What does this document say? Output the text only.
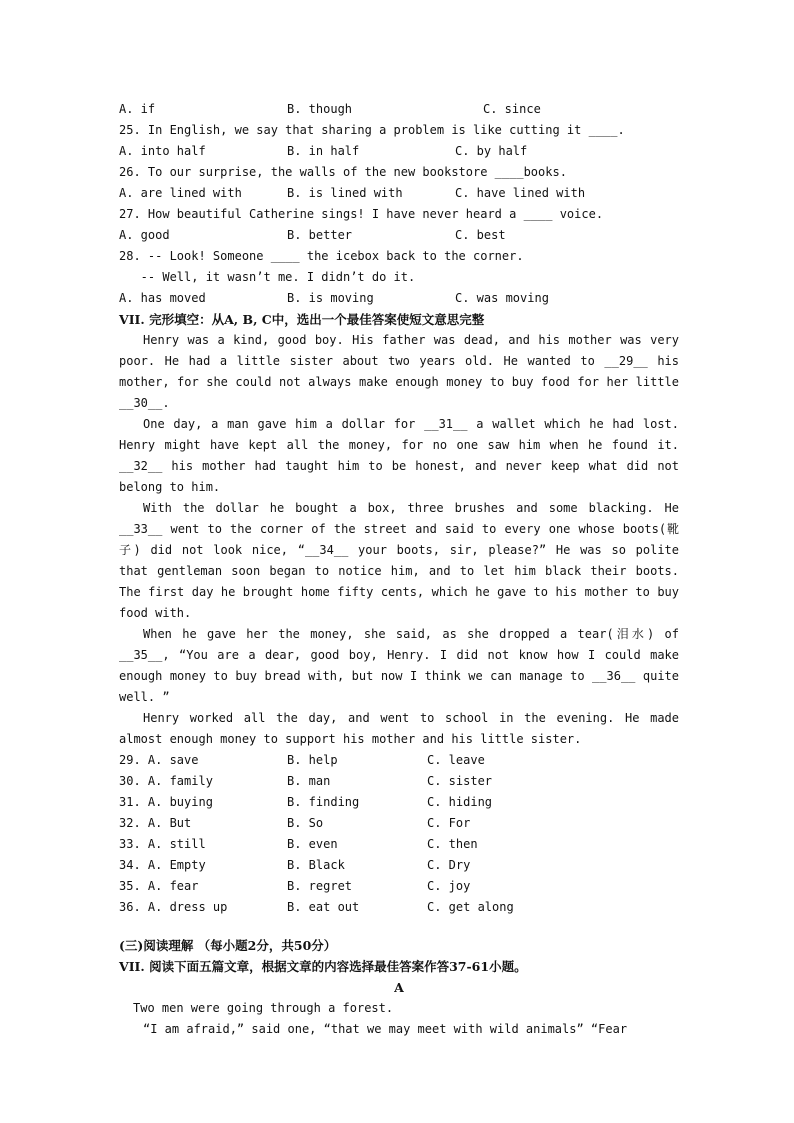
A. if	B. though	C. since
25. In English, we say that sharing a problem is like cutting it ____.
A. into half	B. in half	C. by half
26. To our surprise, the walls of the new bookstore ____books.
A. are lined with	B. is lined with	C. have lined with
27. How beautiful Catherine sings! I have never heard a ____ voice.
A. good	B. better	C. best
28. -- Look! Someone ____ the icebox back to the corner.
-- Well, it wasn’t me. I didn’t do it.
A. has moved	B. is moving	C. was moving
VII. 完形填空：从A, B, C中，选出一个最佳答案使短文意思完整
Henry was a kind, good boy. His father was dead, and his mother was very poor. He had a little sister about two years old. He wanted to __29__ his mother, for she could not always make enough money to buy food for her little __30__.
One day, a man gave him a dollar for __31__ a wallet which he had lost. Henry might have kept all the money, for no one saw him when he found it. __32__ his mother had taught him to be honest, and never keep what did not belong to him.
With the dollar he bought a box, three brushes and some blacking. He __33__ went to the corner of the street and said to every one whose boots(靴子) did not look nice, “__34__ your boots, sir, please?” He was so polite that gentleman soon began to notice him, and to let him black their boots. The first day he brought home fifty cents, which he gave to his mother to buy food with.
When he gave her the money, she said, as she dropped a tear(泪水) of __35__, “You are a dear, good boy, Henry. I did not know how I could make enough money to buy bread with, but now I think we can manage to __36__ quite well. ”
Henry worked all the day, and went to school in the evening. He made almost enough money to support his mother and his little sister.
29. A. save	B. help	C. leave
30. A. family	B. man	C. sister
31. A. buying	B. finding	C. hiding
32. A. But	B. So	C. For
33. A. still	B. even	C. then
34. A. Empty	B. Black	C. Dry
35. A. fear	B. regret	C. joy
36. A. dress up	B. eat out	C. get along
(三)阅读理解 （每小题2分，共50分）
VII. 阅读下面五篇文章，根据文章的内容选择最佳答案作答37-61小题。
A
Two men were going through a forest.
“I am afraid,” said one, “that we may meet with wild animals” “Fear
